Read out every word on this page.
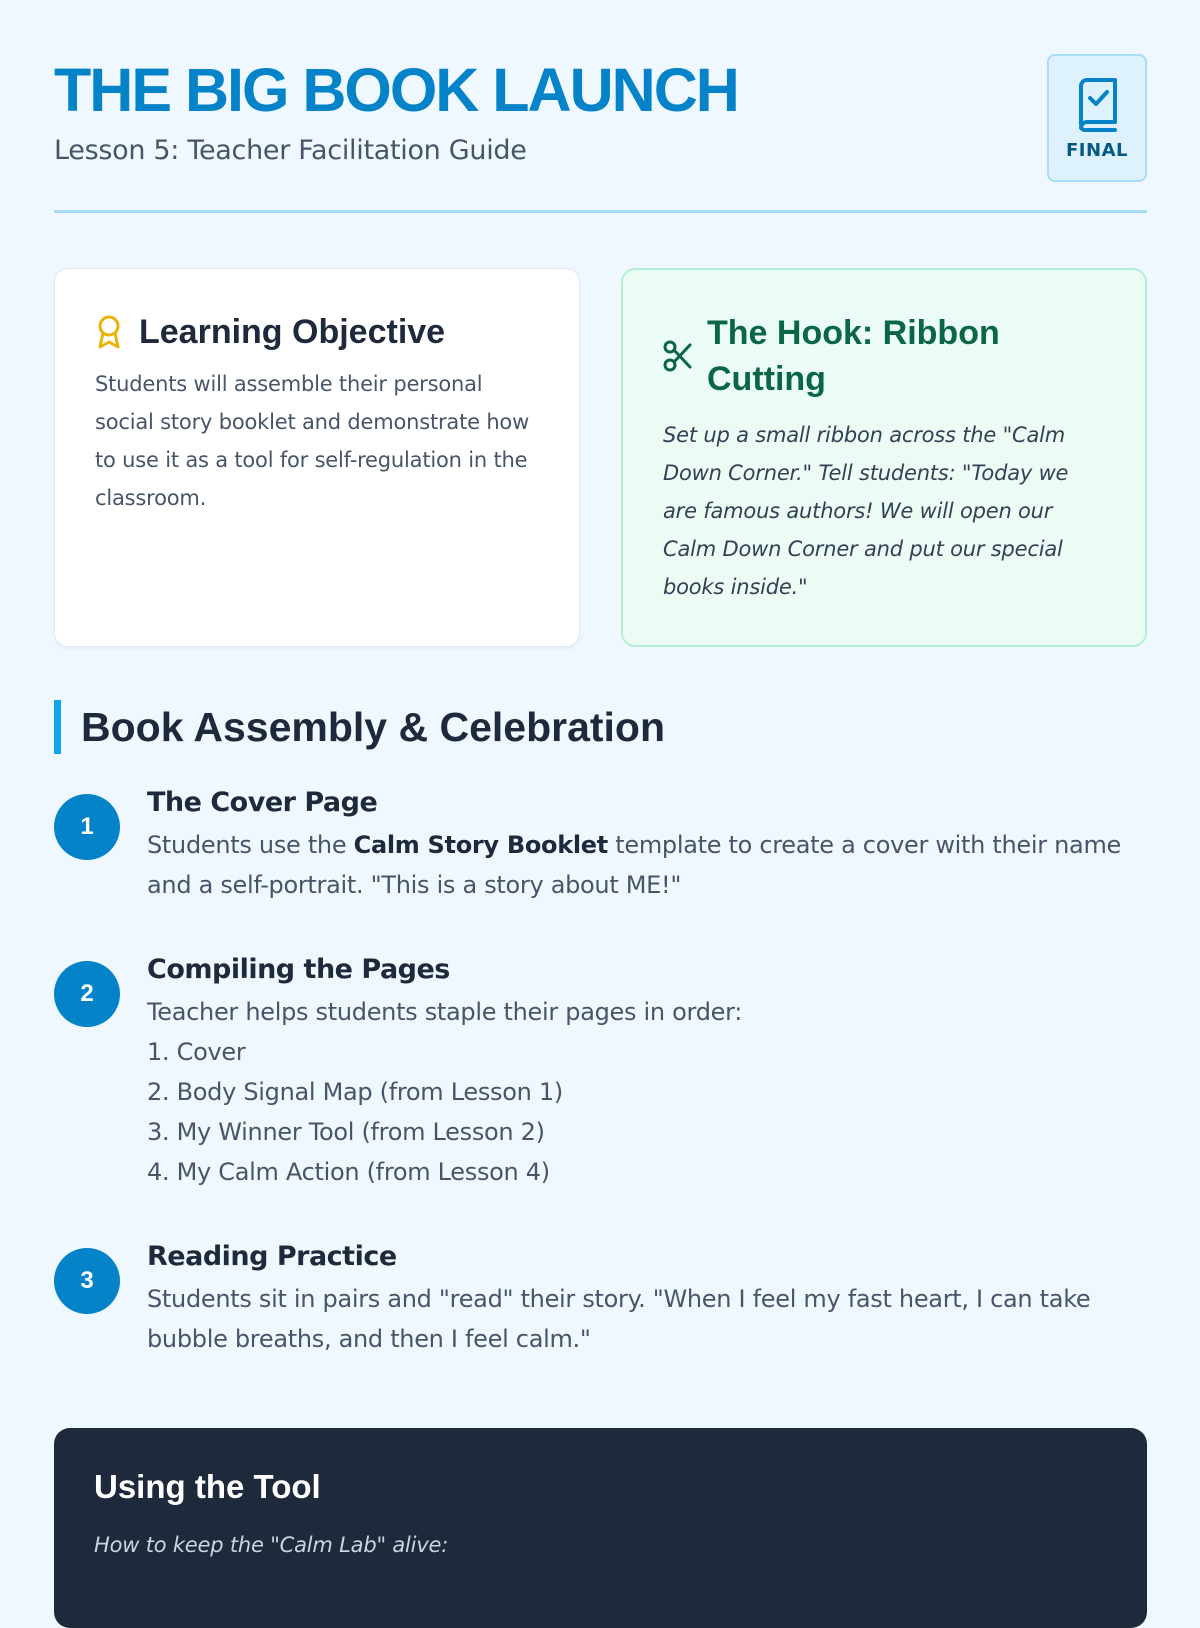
THE BIG BOOK LAUNCH
Lesson 5: Teacher Facilitation Guide	FINAL
Learning Objective
Students will assemble their personal social story booklet and demonstrate how to use it as a tool for self-regulation in the classroom.
The Hook: Ribbon Cutting
Set up a small ribbon across the "Calm Down Corner." Tell students: "Today we are famous authors! We will open our Calm Down Corner and put our special books inside."
Book Assembly & Celebration
1
The Cover Page
Students use the Calm Story Booklet template to create a cover with their name and a self-portrait. "This is a story about ME!"
2
Compiling the Pages
Teacher helps students staple their pages in order:
1. Cover
2. Body Signal Map (from Lesson 1)
3. My Winner Tool (from Lesson 2)
4. My Calm Action (from Lesson 4)
3
Reading Practice
Students sit in pairs and "read" their story. "When I feel my fast heart, I can take bubble breaths, and then I feel calm."
Using the Tool
How to keep the "Calm Lab" alive:
